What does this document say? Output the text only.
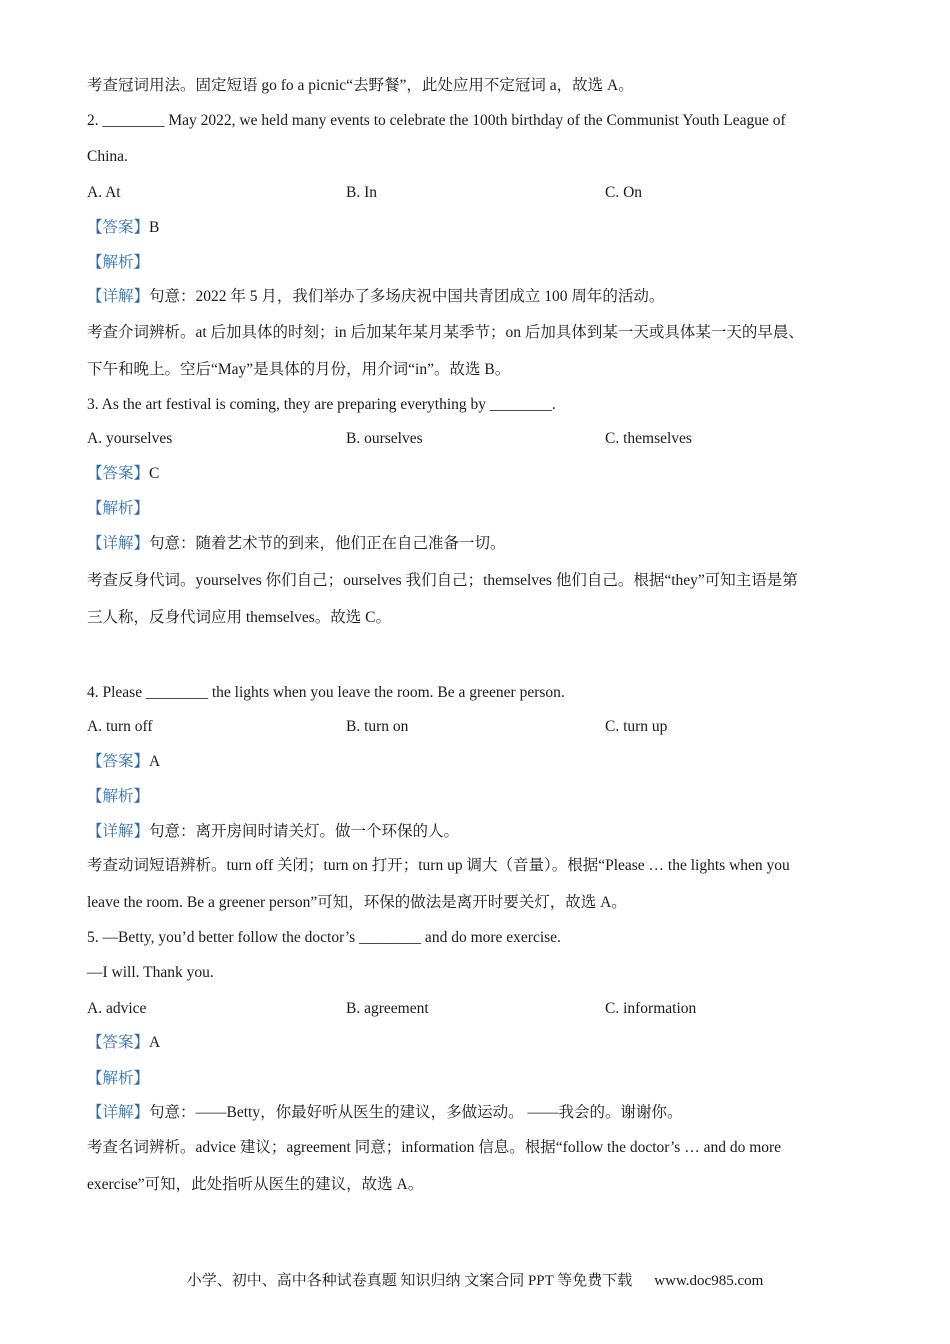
考查冠词用法。固定短语 go fo a picnic“去野餐”，此处应用不定冠词 a，故选 A。
2. ________ May 2022, we held many events to celebrate the 100th birthday of the Communist Youth League of
China.
A. At	B. In	C. On
【答案】B
【解析】
【详解】句意：2022 年 5 月，我们举办了多场庆祝中国共青团成立 100 周年的活动。
考查介词辨析。at 后加具体的时刻；in 后加某年某月某季节；on 后加具体到某一天或具体某一天的早晨、
下午和晚上。空后“May”是具体的月份，用介词“in”。故选 B。
3. As the art festival is coming, they are preparing everything by ________.
A. yourselves	B. ourselves	C. themselves
【答案】C
【解析】
【详解】句意：随着艺术节的到来，他们正在自己准备一切。
考查反身代词。yourselves 你们自己；ourselves 我们自己；themselves 他们自己。根据“they”可知主语是第
三人称，反身代词应用 themselves。故选 C。
4. Please ________ the lights when you leave the room. Be a greener person.
A. turn off	B. turn on	C. turn up
【答案】A
【解析】
【详解】句意：离开房间时请关灯。做一个环保的人。
考查动词短语辨析。turn off 关闭；turn on 打开；turn up 调大（音量）。根据“Please … the lights when you
leave the room. Be a greener person”可知，环保的做法是离开时要关灯，故选 A。
5. —Betty, you’d better follow the doctor’s ________ and do more exercise.
—I will. Thank you.
A. advice	B. agreement	C. information
【答案】A
【解析】
【详解】句意：——Betty，你最好听从医生的建议，多做运动。 ——我会的。谢谢你。
考查名词辨析。advice 建议；agreement 同意；information 信息。根据“follow the doctor’s … and do more
exercise”可知，此处指听从医生的建议，故选 A。
小学、初中、高中各种试卷真题 知识归纳 文案合同 PPT 等免费下载 www.doc985.com
